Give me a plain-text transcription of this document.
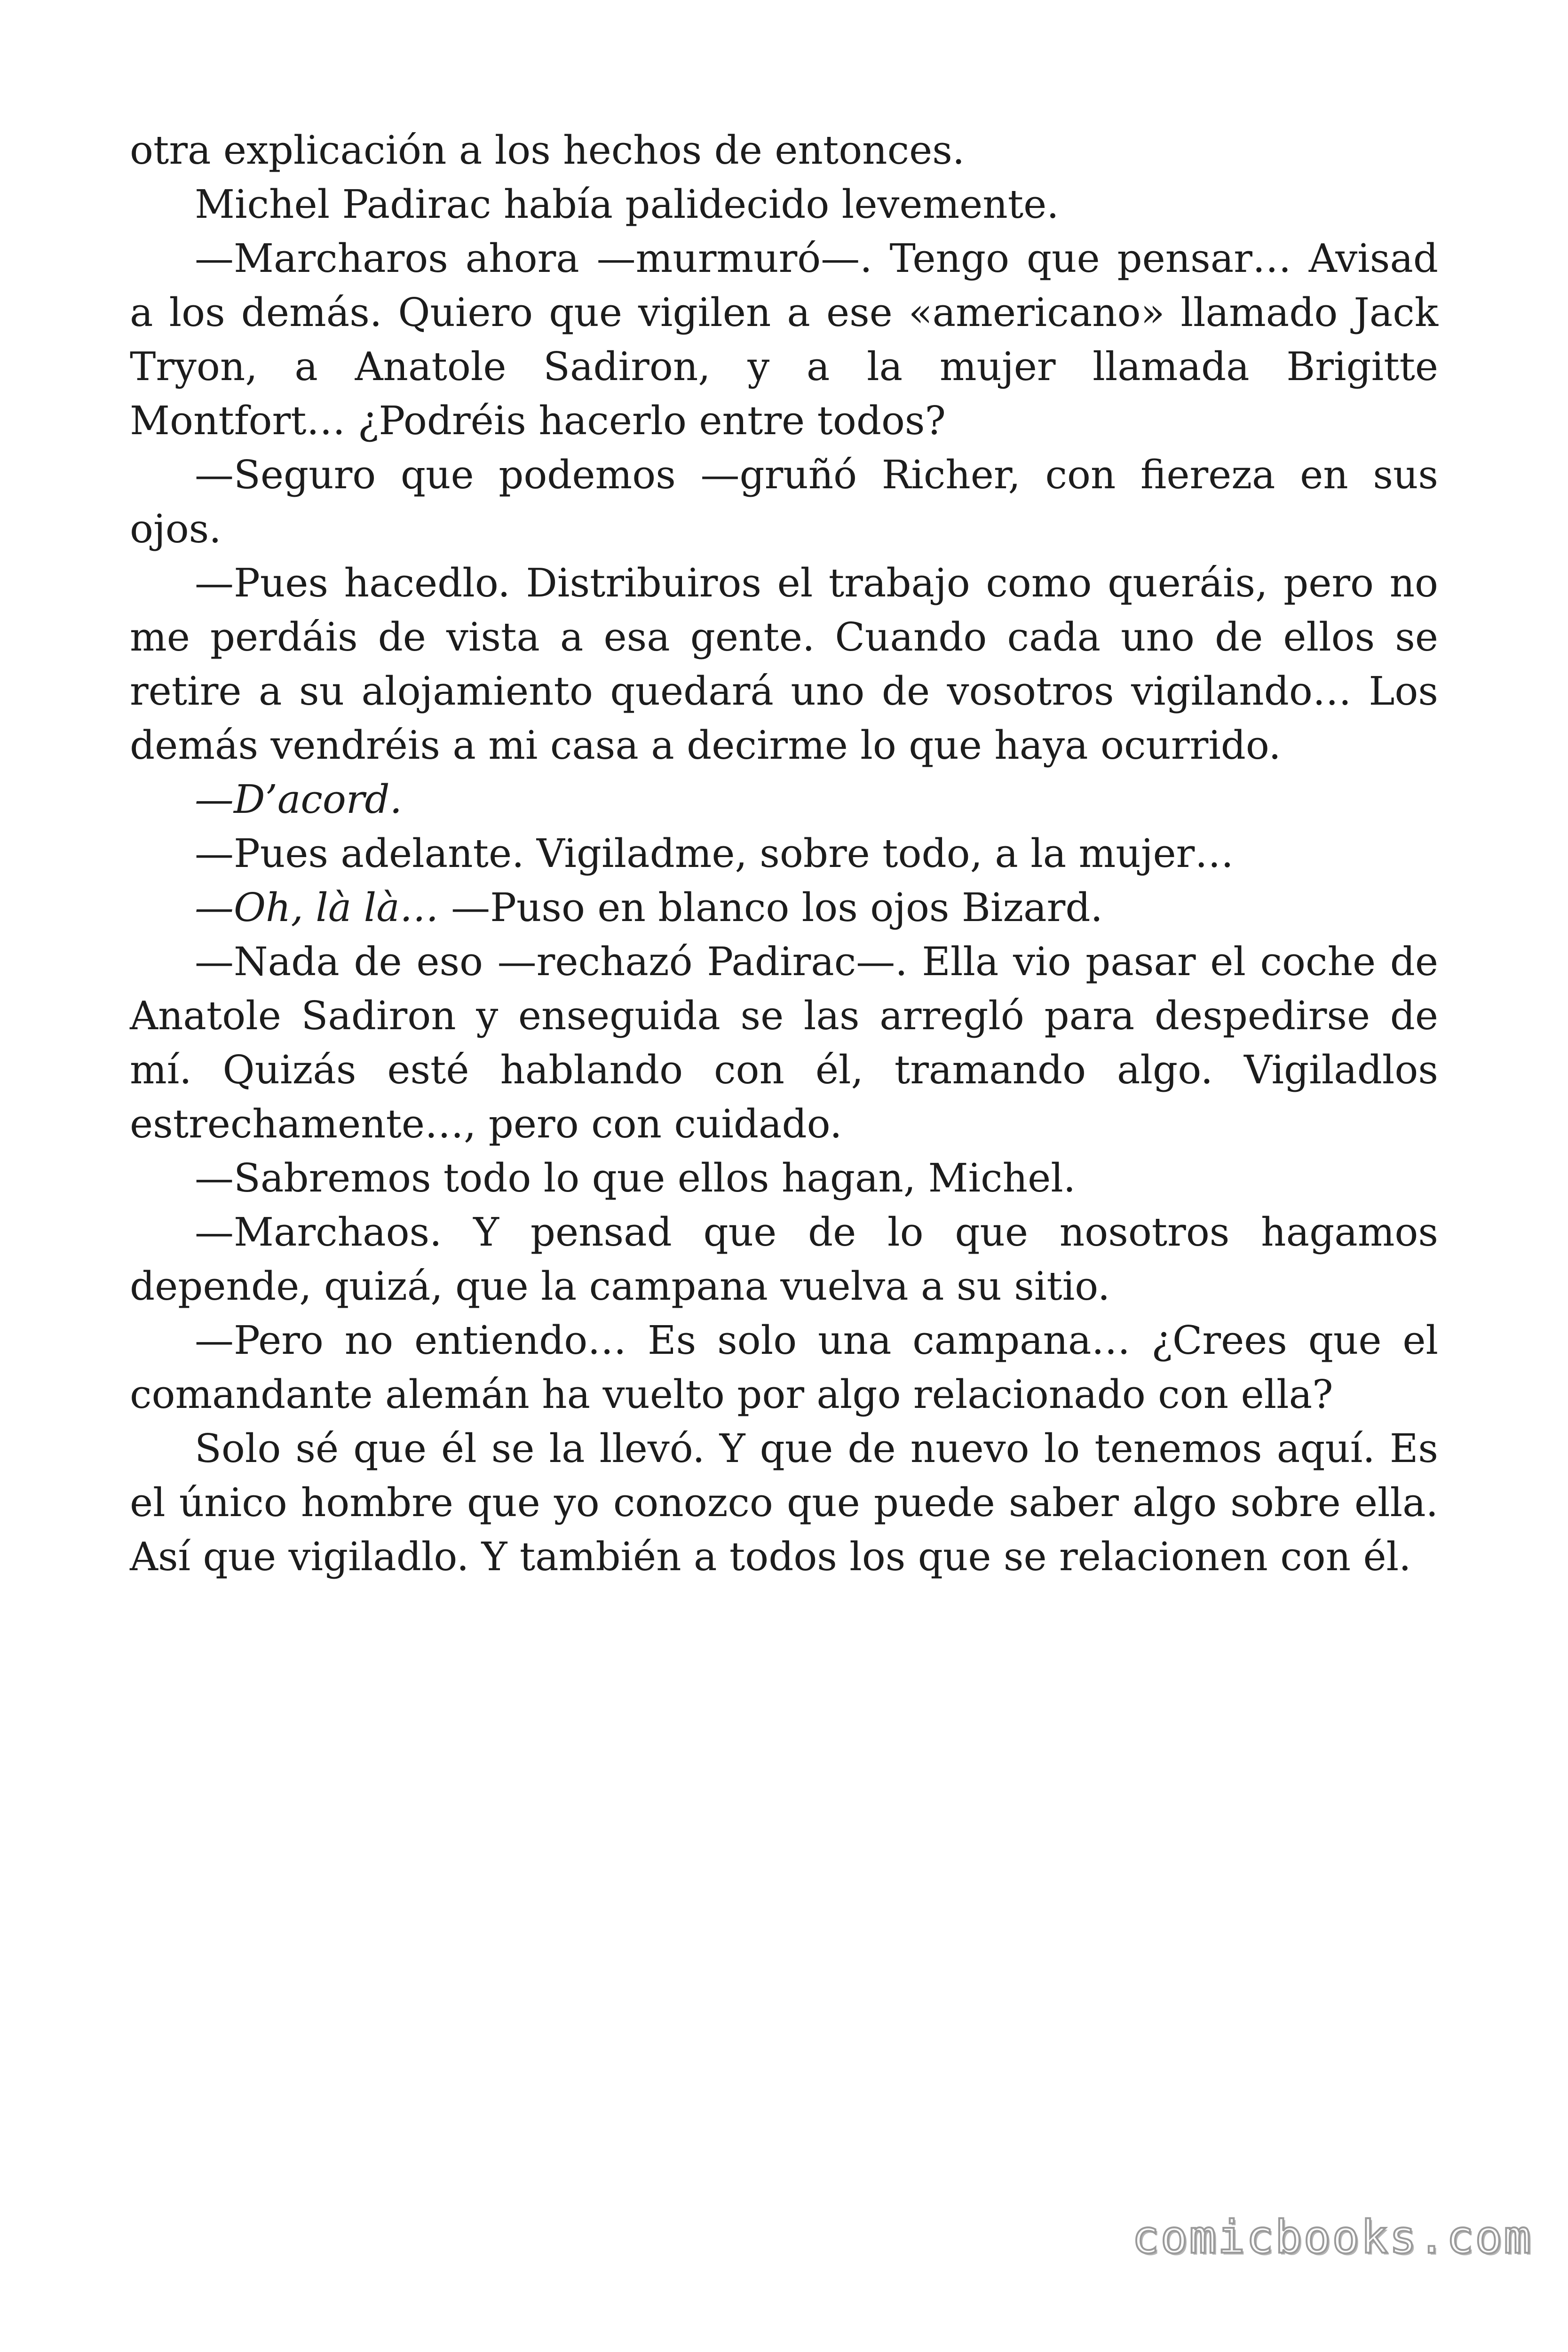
otra explicación a los hechos de entonces.

Michel Padirac había palidecido levemente.

—Marcharos ahora —murmuró—. Tengo que pensar… Avisad a los demás. Quiero que vigilen a ese «americano» llamado Jack Tryon, a Anatole Sadiron, y a la mujer llamada Brigitte Montfort… ¿Podréis hacerlo entre todos?

—Seguro que podemos —gruñó Richer, con fiereza en sus ojos.

—Pues hacedlo. Distribuiros el trabajo como queráis, pero no me perdáis de vista a esa gente. Cuando cada uno de ellos se retire a su alojamiento quedará uno de vosotros vigilando… Los demás vendréis a mi casa a decirme lo que haya ocurrido.

—D’acord.

—Pues adelante. Vigiladme, sobre todo, a la mujer…

—Oh, là là… —Puso en blanco los ojos Bizard.

—Nada de eso —rechazó Padirac—. Ella vio pasar el coche de Anatole Sadiron y enseguida se las arregló para despedirse de mí. Quizás esté hablando con él, tramando algo. Vigiladlos estrechamente…, pero con cuidado.

—Sabremos todo lo que ellos hagan, Michel.

—Marchaos. Y pensad que de lo que nosotros hagamos depende, quizá, que la campana vuelva a su sitio.

—Pero no entiendo… Es solo una campana… ¿Crees que el comandante alemán ha vuelto por algo relacionado con ella?

Solo sé que él se la llevó. Y que de nuevo lo tenemos aquí. Es el único hombre que yo conozco que puede saber algo sobre ella. Así que vigiladlo. Y también a todos los que se relacionen con él.

comicbooks.com
